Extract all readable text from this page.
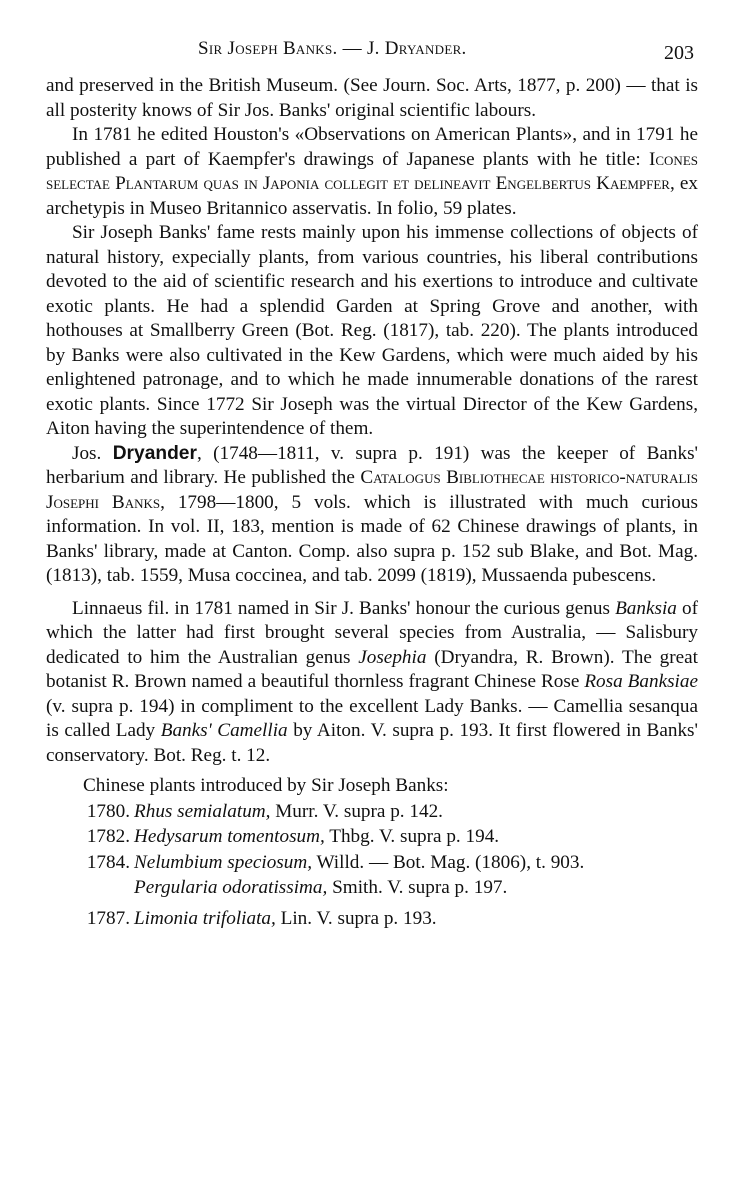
Sir Joseph Banks. — J. Dryander.	203

and preserved in the British Museum. (See Journ. Soc. Arts, 1877, p. 200) — that is all posterity knows of Sir Jos. Banks' original scientific labours.

In 1781 he edited Houston's «Observations on American Plants», and in 1791 he published a part of Kaempfer's drawings of Japanese plants with he title: Icones selectae Plantarum quas in Japonia collegit et delineavit Engelbertus Kaempfer, ex archetypis in Museo Britannico asservatis. In folio, 59 plates.

Sir Joseph Banks' fame rests mainly upon his immense collections of objects of natural history, expecially plants, from various countries, his liberal contributions devoted to the aid of scientific research and his exertions to introduce and cultivate exotic plants. He had a splendid Garden at Spring Grove and another, with hothouses at Smallberry Green (Bot. Reg. (1817), tab. 220). The plants introduced by Banks were also cultivated in the Kew Gardens, which were much aided by his enlightened patronage, and to which he made innumerable donations of the rarest exotic plants. Since 1772 Sir Joseph was the virtual Director of the Kew Gardens, Aiton having the superintendence of them.

Jos. Dryander, (1748—1811, v. supra p. 191) was the keeper of Banks' herbarium and library. He published the Catalogus Bibliothecae historico-naturalis Josephi Banks, 1798—1800, 5 vols. which is illustrated with much curious information. In vol. II, 183, mention is made of 62 Chinese drawings of plants, in Banks' library, made at Canton. Comp. also supra p. 152 sub Blake, and Bot. Mag. (1813), tab. 1559, Musa coccinea, and tab. 2099 (1819), Mussaenda pubescens.

Linnaeus fil. in 1781 named in Sir J. Banks' honour the curious genus Banksia of which the latter had first brought several species from Australia, — Salisbury dedicated to him the Australian genus Josephia (Dryandra, R. Brown). The great botanist R. Brown named a beautiful thornless fragrant Chinese Rose Rosa Banksiae (v. supra p. 194) in compliment to the excellent Lady Banks. — Camellia sesanqua is called Lady Banks' Camellia by Aiton. V. supra p. 193. It first flowered in Banks' conservatory. Bot. Reg. t. 12.

Chinese plants introduced by Sir Joseph Banks:

1780. Rhus semialatum, Murr. V. supra p. 142.
1782. Hedysarum tomentosum, Thbg. V. supra p. 194.
1784. Nelumbium speciosum, Willd. — Bot. Mag. (1806), t. 903.
Pergularia odoratissima, Smith. V. supra p. 197.
1787. Limonia trifoliata, Lin. V. supra p. 193.
